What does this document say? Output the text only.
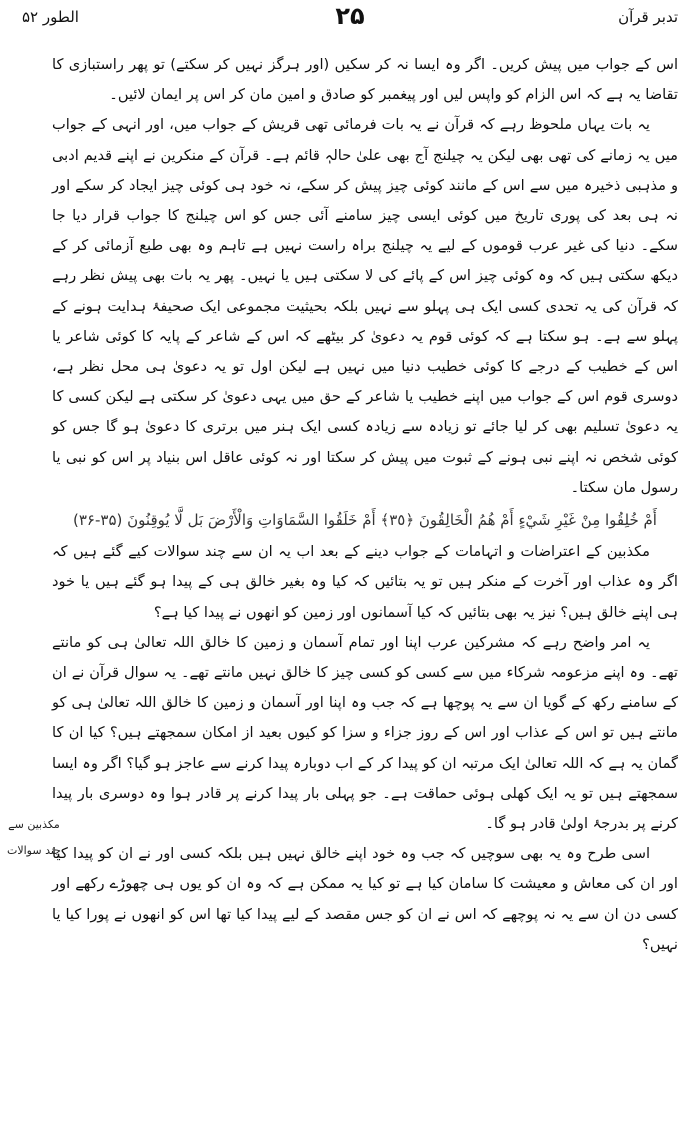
تدبر قرآن
۲۵
الطور ۵۲

اس کے جواب میں پیش کریں۔ اگر وہ ایسا نہ کر سکیں (اور ہرگز نہیں کر سکتے) تو پھر راستبازی کا تقاضا یہ ہے کہ اس الزام کو واپس لیں اور پیغمبر کو صادق و امین مان کر اس پر ایمان لائیں۔

یہ بات یہاں ملحوظ رہے کہ قرآن نے یہ بات فرمائی تھی قریش کے جواب میں، اور انہی کے جواب میں یہ زمانے کی تھی بھی لیکن یہ چیلنج آج بھی علیٰ حالہٖ قائم ہے۔ قرآن کے منکرین نے اپنے قدیم ادبی و مذہبی ذخیرہ میں سے اس کے مانند کوئی چیز پیش کر سکے، نہ خود ہی کوئی چیز ایجاد کر سکے اور نہ ہی بعد کی پوری تاریخ میں کوئی ایسی چیز سامنے آئی جس کو اس چیلنج کا جواب قرار دیا جا سکے۔ دنیا کی غیر عرب قوموں کے لیے یہ چیلنج براہ راست نہیں ہے تاہم وہ بھی طبع آزمائی کر کے دیکھ سکتی ہیں کہ وہ کوئی چیز اس کے پائے کی لا سکتی ہیں یا نہیں۔ پھر یہ بات بھی پیش نظر رہے کہ قرآن کی یہ تحدی کسی ایک ہی پہلو سے نہیں بلکہ بحیثیت مجموعی ایک صحیفۂ ہدایت ہونے کے پہلو سے ہے۔ ہو سکتا ہے کہ کوئی قوم یہ دعویٰ کر بیٹھے کہ اس کے شاعر کے پایہ کا کوئی شاعر یا اس کے خطیب کے درجے کا کوئی خطیب دنیا میں نہیں ہے لیکن اول تو یہ دعویٰ ہی محل نظر ہے، دوسری قوم اس کے جواب میں اپنے خطیب یا شاعر کے حق میں یہی دعویٰ کر سکتی ہے لیکن کسی کا یہ دعویٰ تسلیم بھی کر لیا جائے تو زیادہ سے زیادہ کسی ایک ہنر میں برتری کا دعویٰ ہو گا جس کو کوئی شخص نہ اپنے نبی ہونے کے ثبوت میں پیش کر سکتا اور نہ کوئی عاقل اس بنیاد پر اس کو نبی یا رسول مان سکتا۔

أَمْ خُلِقُوا مِنْ غَيْرِ شَيْءٍ أَمْ هُمُ الْخَالِقُونَ ﴿٣٥﴾ أَمْ خَلَقُوا السَّمَاوَاتِ وَالْأَرْضَ بَل لَّا يُوقِنُونَ (۳۵-۳۶)

مکذبین کے اعتراضات و اتہامات کے جواب دینے کے بعد اب یہ ان سے چند سوالات کیے گئے ہیں کہ اگر وہ عذاب اور آخرت کے منکر ہیں تو یہ بتائیں کہ کیا وہ بغیر خالق ہی کے پیدا ہو گئے ہیں یا خود ہی اپنے خالق ہیں؟ نیز یہ بھی بتائیں کہ کیا آسمانوں اور زمین کو انھوں نے پیدا کیا ہے؟

یہ امر واضح رہے کہ مشرکین عرب اپنا اور تمام آسمان و زمین کا خالق اللہ تعالیٰ ہی کو مانتے تھے۔ وہ اپنے مزعومہ شرکاء میں سے کسی کو کسی چیز کا خالق نہیں مانتے تھے۔ یہ سوال قرآن نے ان کے سامنے رکھ کے گویا ان سے یہ پوچھا ہے کہ جب وہ اپنا اور آسمان و زمین کا خالق اللہ تعالیٰ ہی کو مانتے ہیں تو اس کے عذاب اور اس کے روز جزاء و سزا کو کیوں بعید از امکان سمجھتے ہیں؟ کیا ان کا گمان یہ ہے کہ اللہ تعالیٰ ایک مرتبہ ان کو پیدا کر کے اب دوبارہ پیدا کرنے سے عاجز ہو گیا؟ اگر وہ ایسا سمجھتے ہیں تو یہ ایک کھلی ہوئی حماقت ہے۔ جو پہلی بار پیدا کرنے پر قادر ہوا وہ دوسری بار پیدا کرنے پر بدرجۂ اولیٰ قادر ہو گا۔

اسی طرح وہ یہ بھی سوچیں کہ جب وہ خود اپنے خالق نہیں ہیں بلکہ کسی اور نے ان کو پیدا کیا اور ان کی معاش و معیشت کا سامان کیا ہے تو کیا یہ ممکن ہے کہ وہ ان کو یوں ہی چھوڑے رکھے اور کسی دن ان سے یہ نہ پوچھے کہ اس نے ان کو جس مقصد کے لیے پیدا کیا تھا اس کو انھوں نے پورا کیا یا نہیں؟

مکذبین سے چند سوالات
